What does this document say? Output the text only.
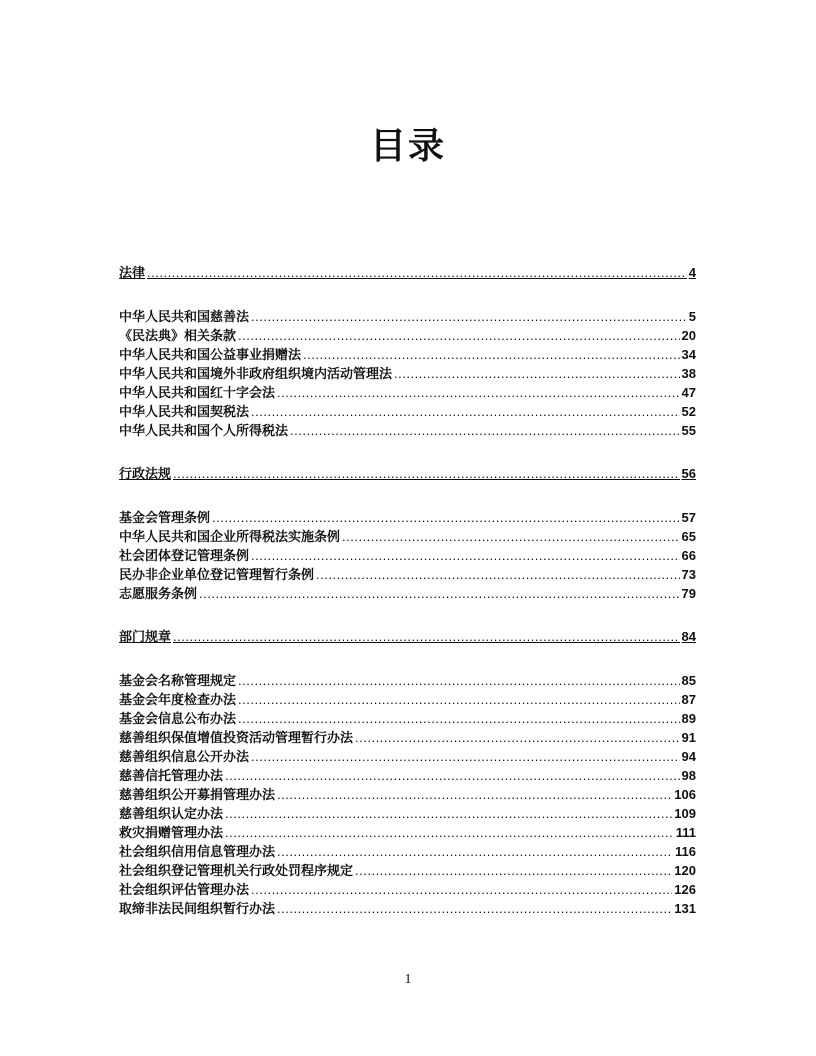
目录
法律 .....	4
中华人民共和国慈善法 .....	5
《民法典》相关条款 .....	20
中华人民共和国公益事业捐赠法 .....	34
中华人民共和国境外非政府组织境内活动管理法 .....	38
中华人民共和国红十字会法 .....	47
中华人民共和国契税法 .....	52
中华人民共和国个人所得税法 .....	55
行政法规 .....	56
基金会管理条例 .....	57
中华人民共和国企业所得税法实施条例 .....	65
社会团体登记管理条例 .....	66
民办非企业单位登记管理暂行条例 .....	73
志愿服务条例 .....	79
部门规章 .....	84
基金会名称管理规定 .....	85
基金会年度检查办法 .....	87
基金会信息公布办法 .....	89
慈善组织保值增值投资活动管理暂行办法 .....	91
慈善组织信息公开办法 .....	94
慈善信托管理办法 .....	98
慈善组织公开募捐管理办法 .....	106
慈善组织认定办法 .....	109
救灾捐赠管理办法 .....	111
社会组织信用信息管理办法 .....	116
社会组织登记管理机关行政处罚程序规定 .....	120
社会组织评估管理办法 .....	126
取缔非法民间组织暂行办法 .....	131
1
